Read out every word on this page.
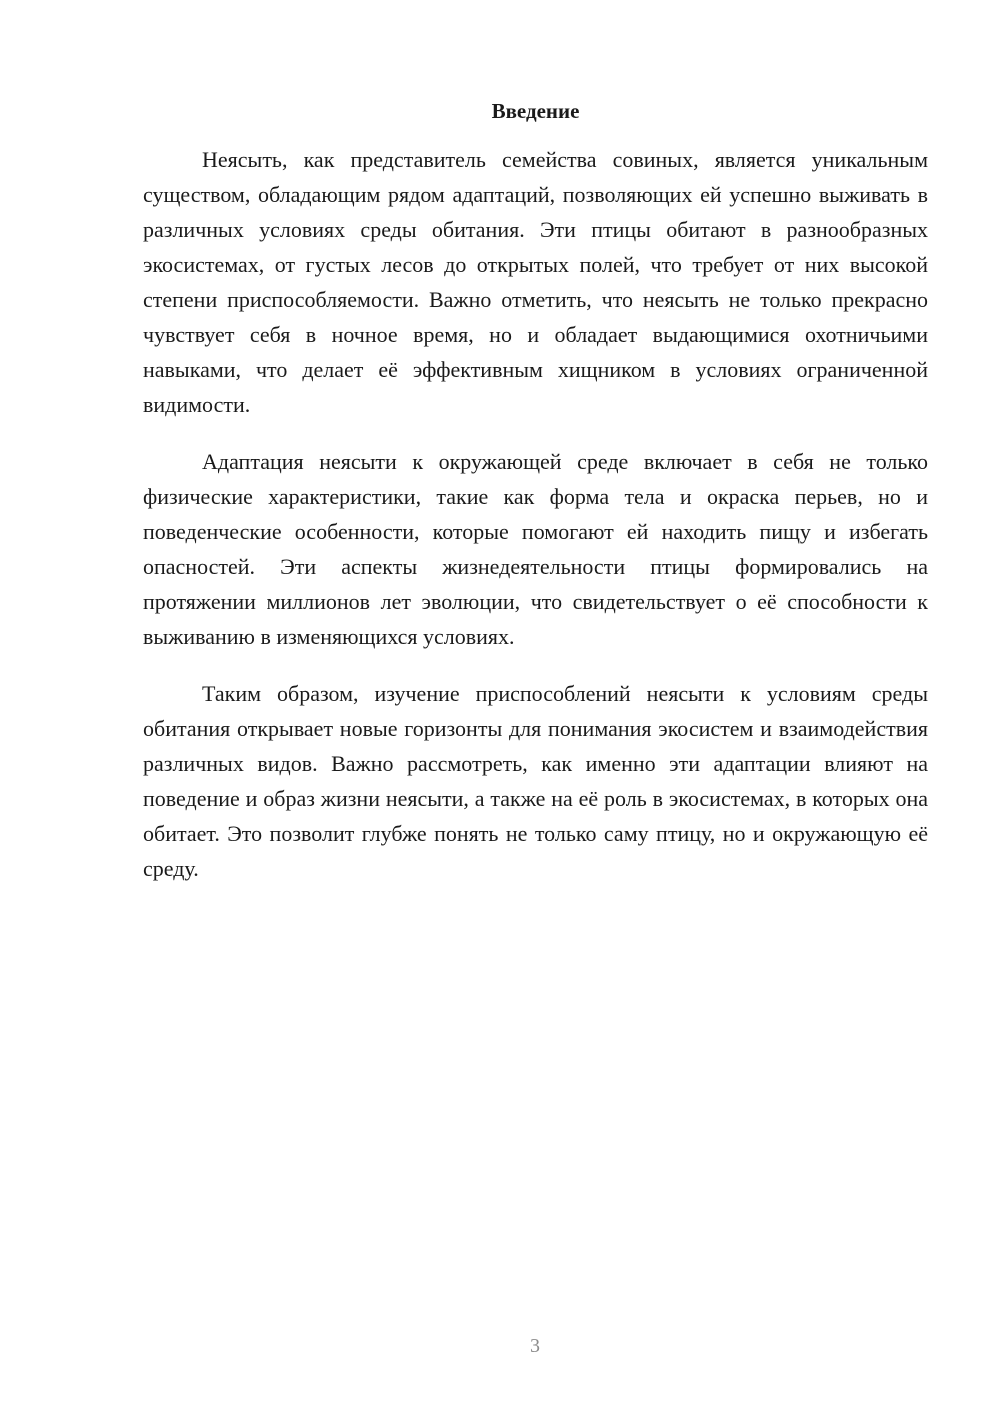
Введение

Неясыть, как представитель семейства совиных, является уникальным существом, обладающим рядом адаптаций, позволяющих ей успешно выживать в различных условиях среды обитания. Эти птицы обитают в разнообразных экосистемах, от густых лесов до открытых полей, что требует от них высокой степени приспособляемости. Важно отметить, что неясыть не только прекрасно чувствует себя в ночное время, но и обладает выдающимися охотничьими навыками, что делает её эффективным хищником в условиях ограниченной видимости.

Адаптация неясыти к окружающей среде включает в себя не только физические характеристики, такие как форма тела и окраска перьев, но и поведенческие особенности, которые помогают ей находить пищу и избегать опасностей. Эти аспекты жизнедеятельности птицы формировались на протяжении миллионов лет эволюции, что свидетельствует о её способности к выживанию в изменяющихся условиях.

Таким образом, изучение приспособлений неясыти к условиям среды обитания открывает новые горизонты для понимания экосистем и взаимодействия различных видов. Важно рассмотреть, как именно эти адаптации влияют на поведение и образ жизни неясыти, а также на её роль в экосистемах, в которых она обитает. Это позволит глубже понять не только саму птицу, но и окружающую её среду.

3
